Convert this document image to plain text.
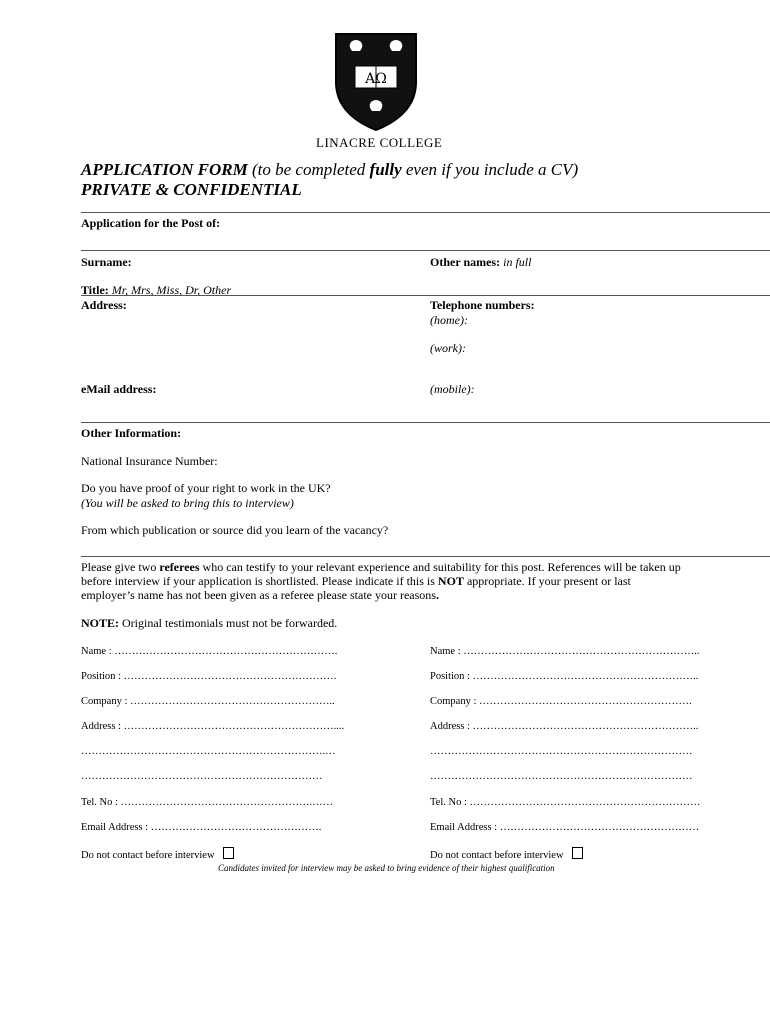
AΩ
LINACRE COLLEGE
APPLICATION FORM (to be completed fully even if you include a CV)
PRIVATE & CONFIDENTIAL
Application for the Post of:
Surname:	Other names: in full
Title: Mr, Mrs, Miss, Dr, Other
Address:	Telephone numbers:
(home):
(work):
eMail address:	(mobile):
Other Information:
National Insurance Number:
Do you have proof of your right to work in the UK?
(You will be asked to bring this to interview)
From which publication or source did you learn of the vacancy?
Please give two referees who can testify to your relevant experience and suitability for this post. References will be taken up
before interview if your application is shortlisted. Please indicate if this is NOT appropriate. If your present or last
employer’s name has not been given as a referee please state your reasons.
NOTE: Original testimonials must not be forwarded.
Name : ……………………………………………………….
Position : …………………………………………………….
Company : …………………………………………………..
Address : ……………………………………………………....
…………………………………………………………….…
……………………………………………………………
Tel. No : ……………………………………………….……
Email Address : ………………………………………….
Do not contact before interview
Name : …………………………………………………………..
Position : ………………………………………………………..
Company : …………………………………………………….
Address : ………………………………………………………..
…………………………………………………………………
…………………………………………………………………
Tel. No : …………………………………………………………
Email Address : …………………………………………………
Do not contact before interview
Candidates invited for interview may be asked to bring evidence of their highest qualification
